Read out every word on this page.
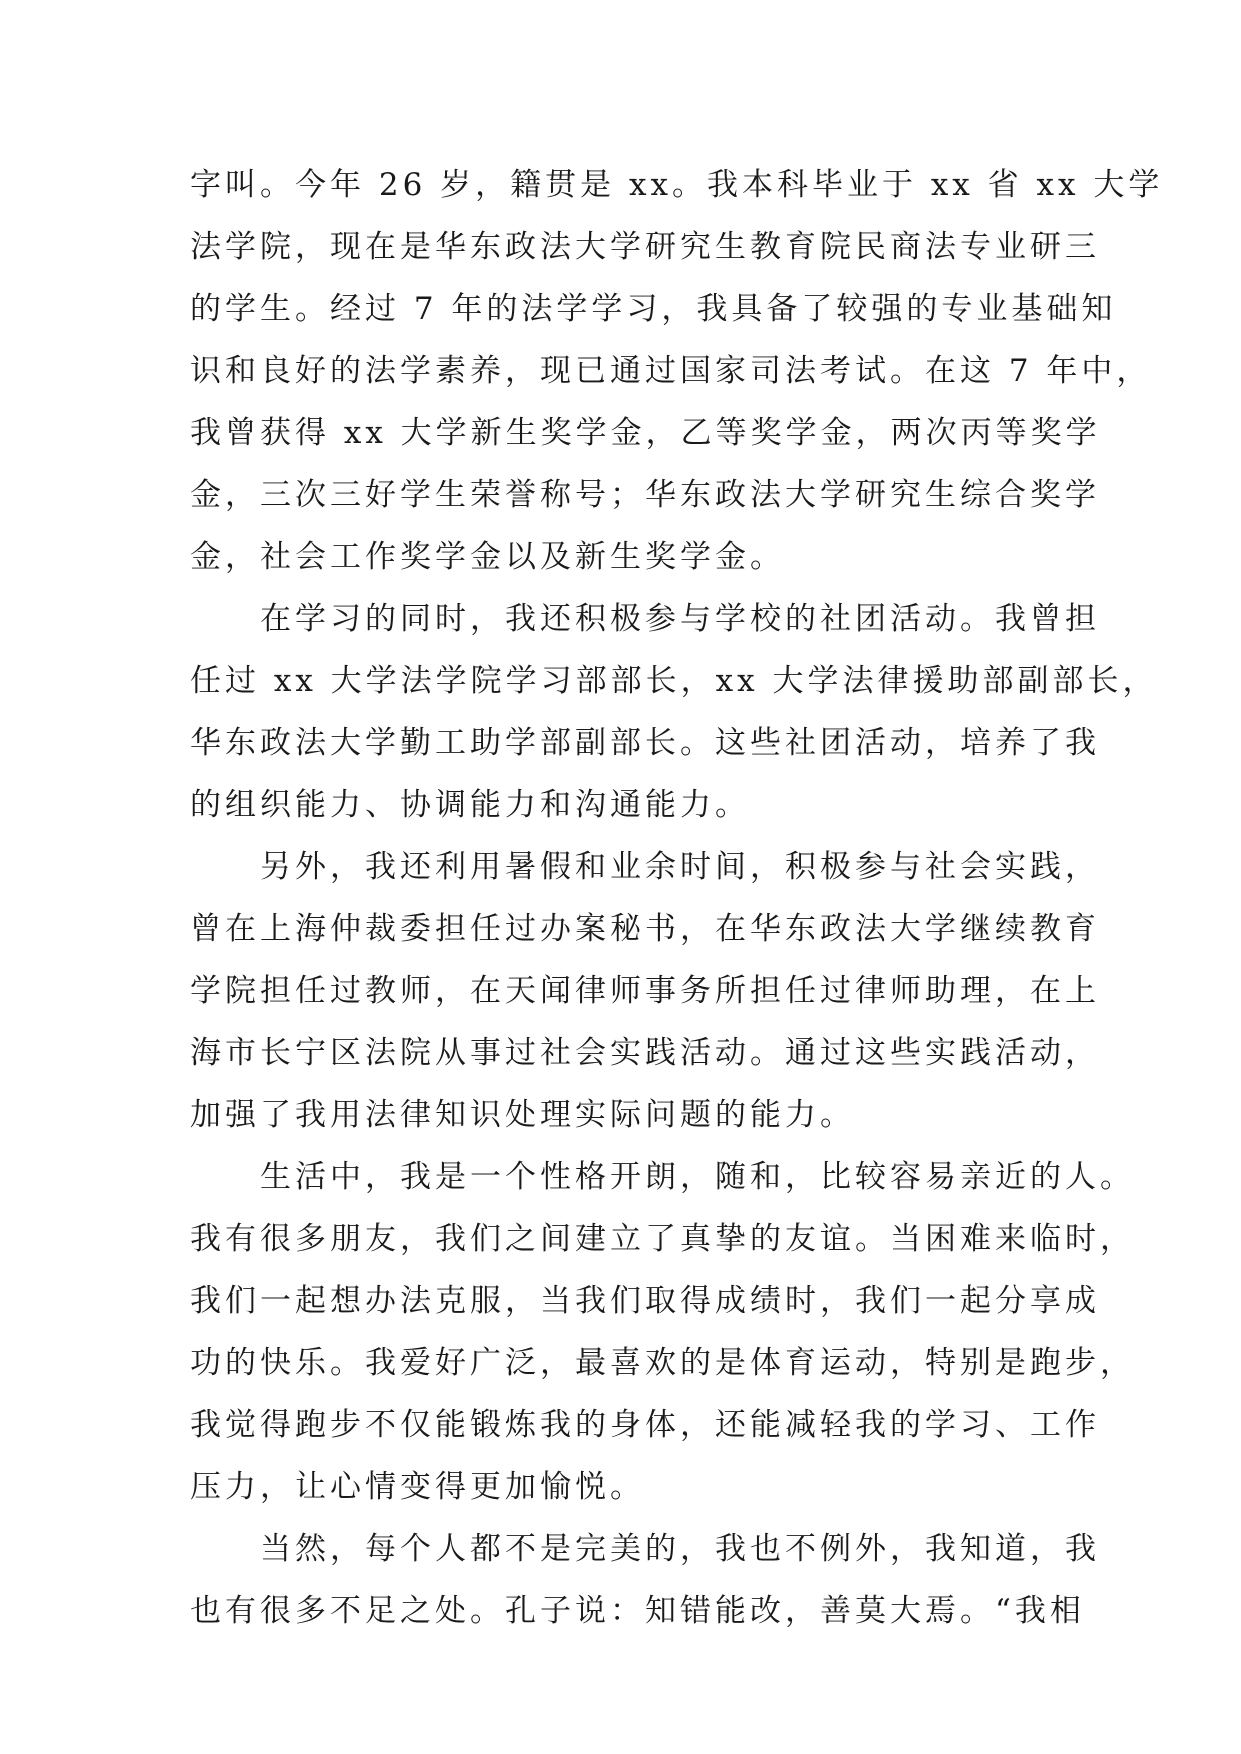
字叫。今年 26 岁，籍贯是 xx。我本科毕业于 xx 省 xx 大学
法学院，现在是华东政法大学研究生教育院民商法专业研三
的学生。经过 7 年的法学学习，我具备了较强的专业基础知
识和良好的法学素养，现已通过国家司法考试。在这 7 年中，
我曾获得 xx 大学新生奖学金，乙等奖学金，两次丙等奖学
金，三次三好学生荣誉称号；华东政法大学研究生综合奖学
金，社会工作奖学金以及新生奖学金。
　　在学习的同时，我还积极参与学校的社团活动。我曾担
任过 xx 大学法学院学习部部长，xx 大学法律援助部副部长，
华东政法大学勤工助学部副部长。这些社团活动，培养了我
的组织能力、协调能力和沟通能力。
　　另外，我还利用暑假和业余时间，积极参与社会实践，
曾在上海仲裁委担任过办案秘书，在华东政法大学继续教育
学院担任过教师，在天闻律师事务所担任过律师助理，在上
海市长宁区法院从事过社会实践活动。通过这些实践活动，
加强了我用法律知识处理实际问题的能力。
　　生活中，我是一个性格开朗，随和，比较容易亲近的人。
我有很多朋友，我们之间建立了真挚的友谊。当困难来临时，
我们一起想办法克服，当我们取得成绩时，我们一起分享成
功的快乐。我爱好广泛，最喜欢的是体育运动，特别是跑步，
我觉得跑步不仅能锻炼我的身体，还能减轻我的学习、工作
压力，让心情变得更加愉悦。
　　当然，每个人都不是完美的，我也不例外，我知道，我
也有很多不足之处。孔子说：知错能改，善莫大焉。“我相
